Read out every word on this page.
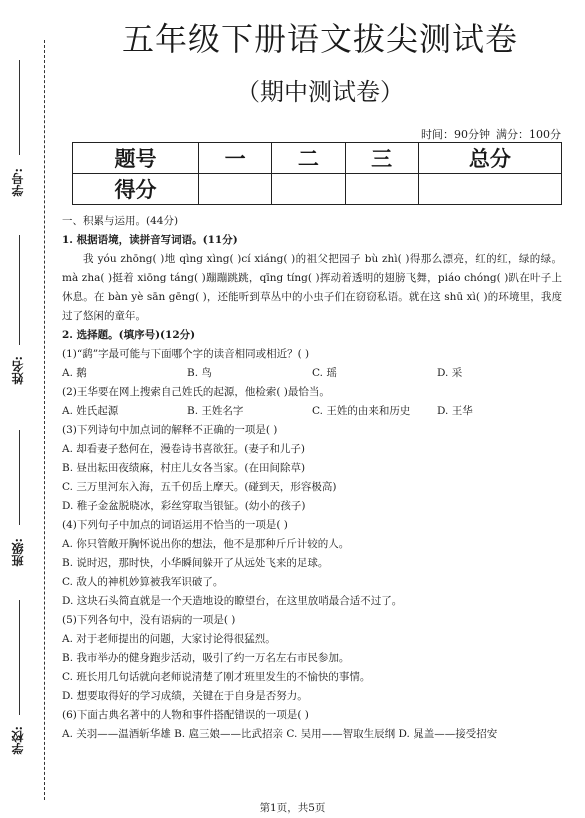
学号:
姓名:
班级:
学校:
五年级下册语文拔尖测试卷
（期中测试卷）
时间：90分钟 满分：100分
题号	一	二	三	总分
得分				
一、积累与运用。(44分)
1. 根据语境，读拼音写词语。(11分)
我 yóu zhōng( )地 qìng xìng( )cí xiáng( )的祖父把园子 bù zhì( )得那么漂亮，红的红，绿的绿。mà zha( )挺着 xiōng táng( )蹦蹦跳跳，qīng tíng( )挥动着透明的翅膀飞舞，piáo chóng( )趴在叶子上休息。在 bàn yè sān gēng( )，还能听到草丛中的小虫子们在窃窃私语。就在这 shū xì( )的环境里，我度过了悠闲的童年。
2. 选择题。(填序号)(12分)
(1)“鹞”字最可能与下面哪个字的读音相同或相近？( )
A. 鹅	B. 鸟	C. 瑶	D. 采
(2)王华要在网上搜索自己姓氏的起源，他检索( )最恰当。
A. 姓氏起源	B. 王姓名字	C. 王姓的由来和历史	D. 王华
(3)下列诗句中加点词的解释不正确的一项是( )
A. 却看妻子愁何在，漫卷诗书喜欲狂。(妻子和儿子)
B. 昼出耘田夜绩麻，村庄儿女各当家。(在田间除草)
C. 三万里河东入海，五千仞岳上摩天。(碰到天，形容极高)
D. 稚子金盆脱晓冰，彩丝穿取当银钲。(幼小的孩子)
(4)下列句子中加点的词语运用不恰当的一项是( )
A. 你只管敞开胸怀说出你的想法，他不是那种斤斤计较的人。
B. 说时迟，那时快，小华瞬间躲开了从远处飞来的足球。
C. 敌人的神机妙算被我军识破了。
D. 这块石头简直就是一个天造地设的瞭望台，在这里放哨最合适不过了。
(5)下列各句中，没有语病的一项是( )
A. 对于老师提出的问题，大家讨论得很猛烈。
B. 我市举办的健身跑步活动，吸引了约一万名左右市民参加。
C. 班长用几句话就向老师说清楚了刚才班里发生的不愉快的事情。
D. 想要取得好的学习成绩，关键在于自身是否努力。
(6)下面古典名著中的人物和事件搭配错误的一项是( )
A. 关羽——温酒斩华雄 B. 扈三娘——比武招亲 C. 吴用——智取生辰纲 D. 晁盖——接受招安
第1页，共5页
